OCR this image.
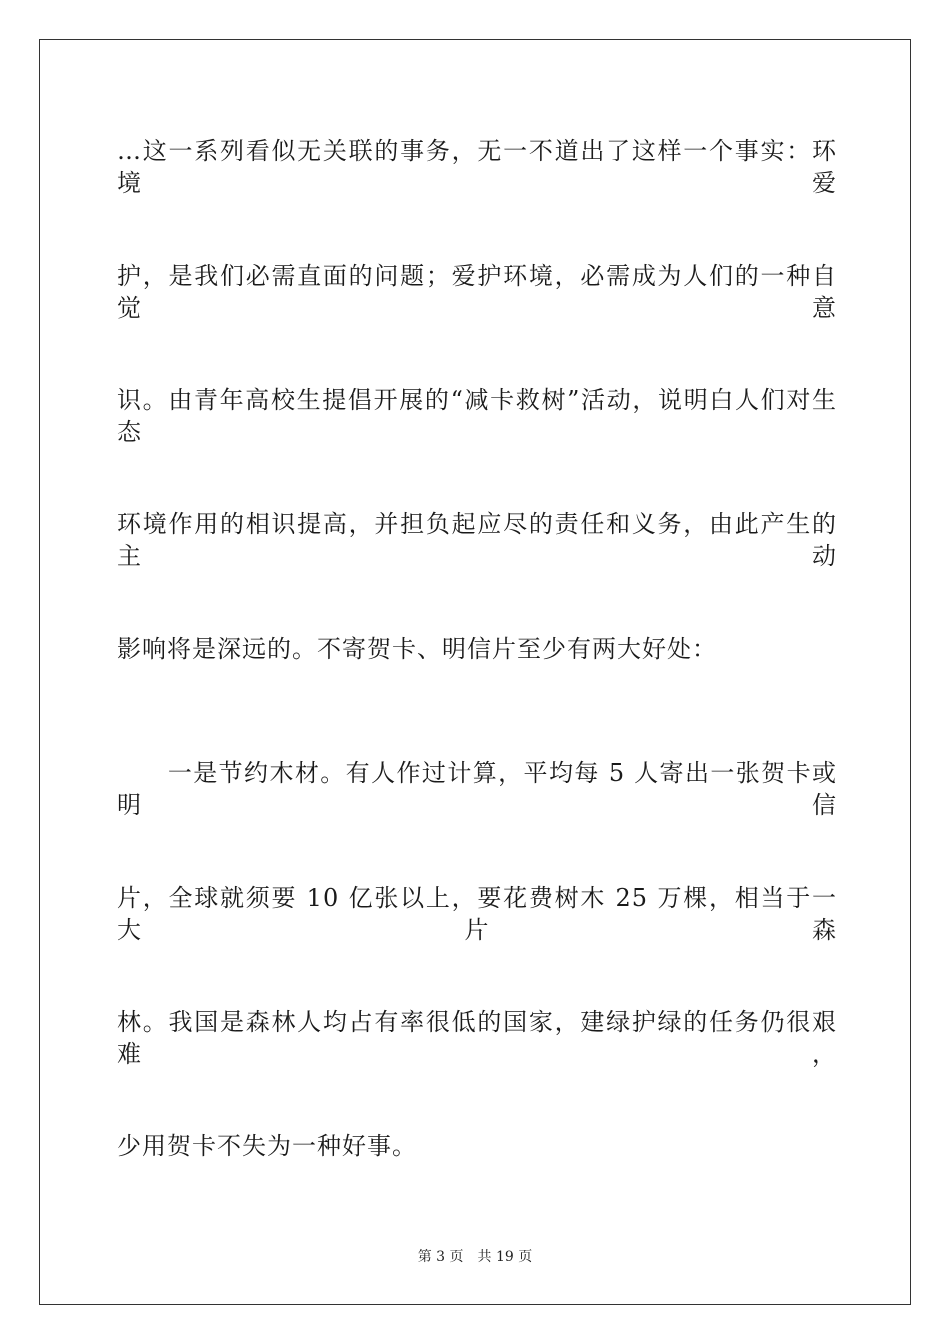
…这一系列看似无关联的事务，无一不道出了这样一个事实：环境爱
护，是我们必需直面的问题；爱护环境，必需成为人们的一种自觉意
识。由青年高校生提倡开展的“减卡救树”活动，说明白人们对生态
环境作用的相识提高，并担负起应尽的责任和义务，由此产生的主动
影响将是深远的。不寄贺卡、明信片至少有两大好处：
　　一是节约木材。有人作过计算，平均每 5 人寄出一张贺卡或明信
片，全球就须要 10 亿张以上，要花费树木 25 万棵，相当于一大片森
林。我国是森林人均占有率很低的国家，建绿护绿的任务仍很艰难，
少用贺卡不失为一种好事。
第 3 页 共 19 页
